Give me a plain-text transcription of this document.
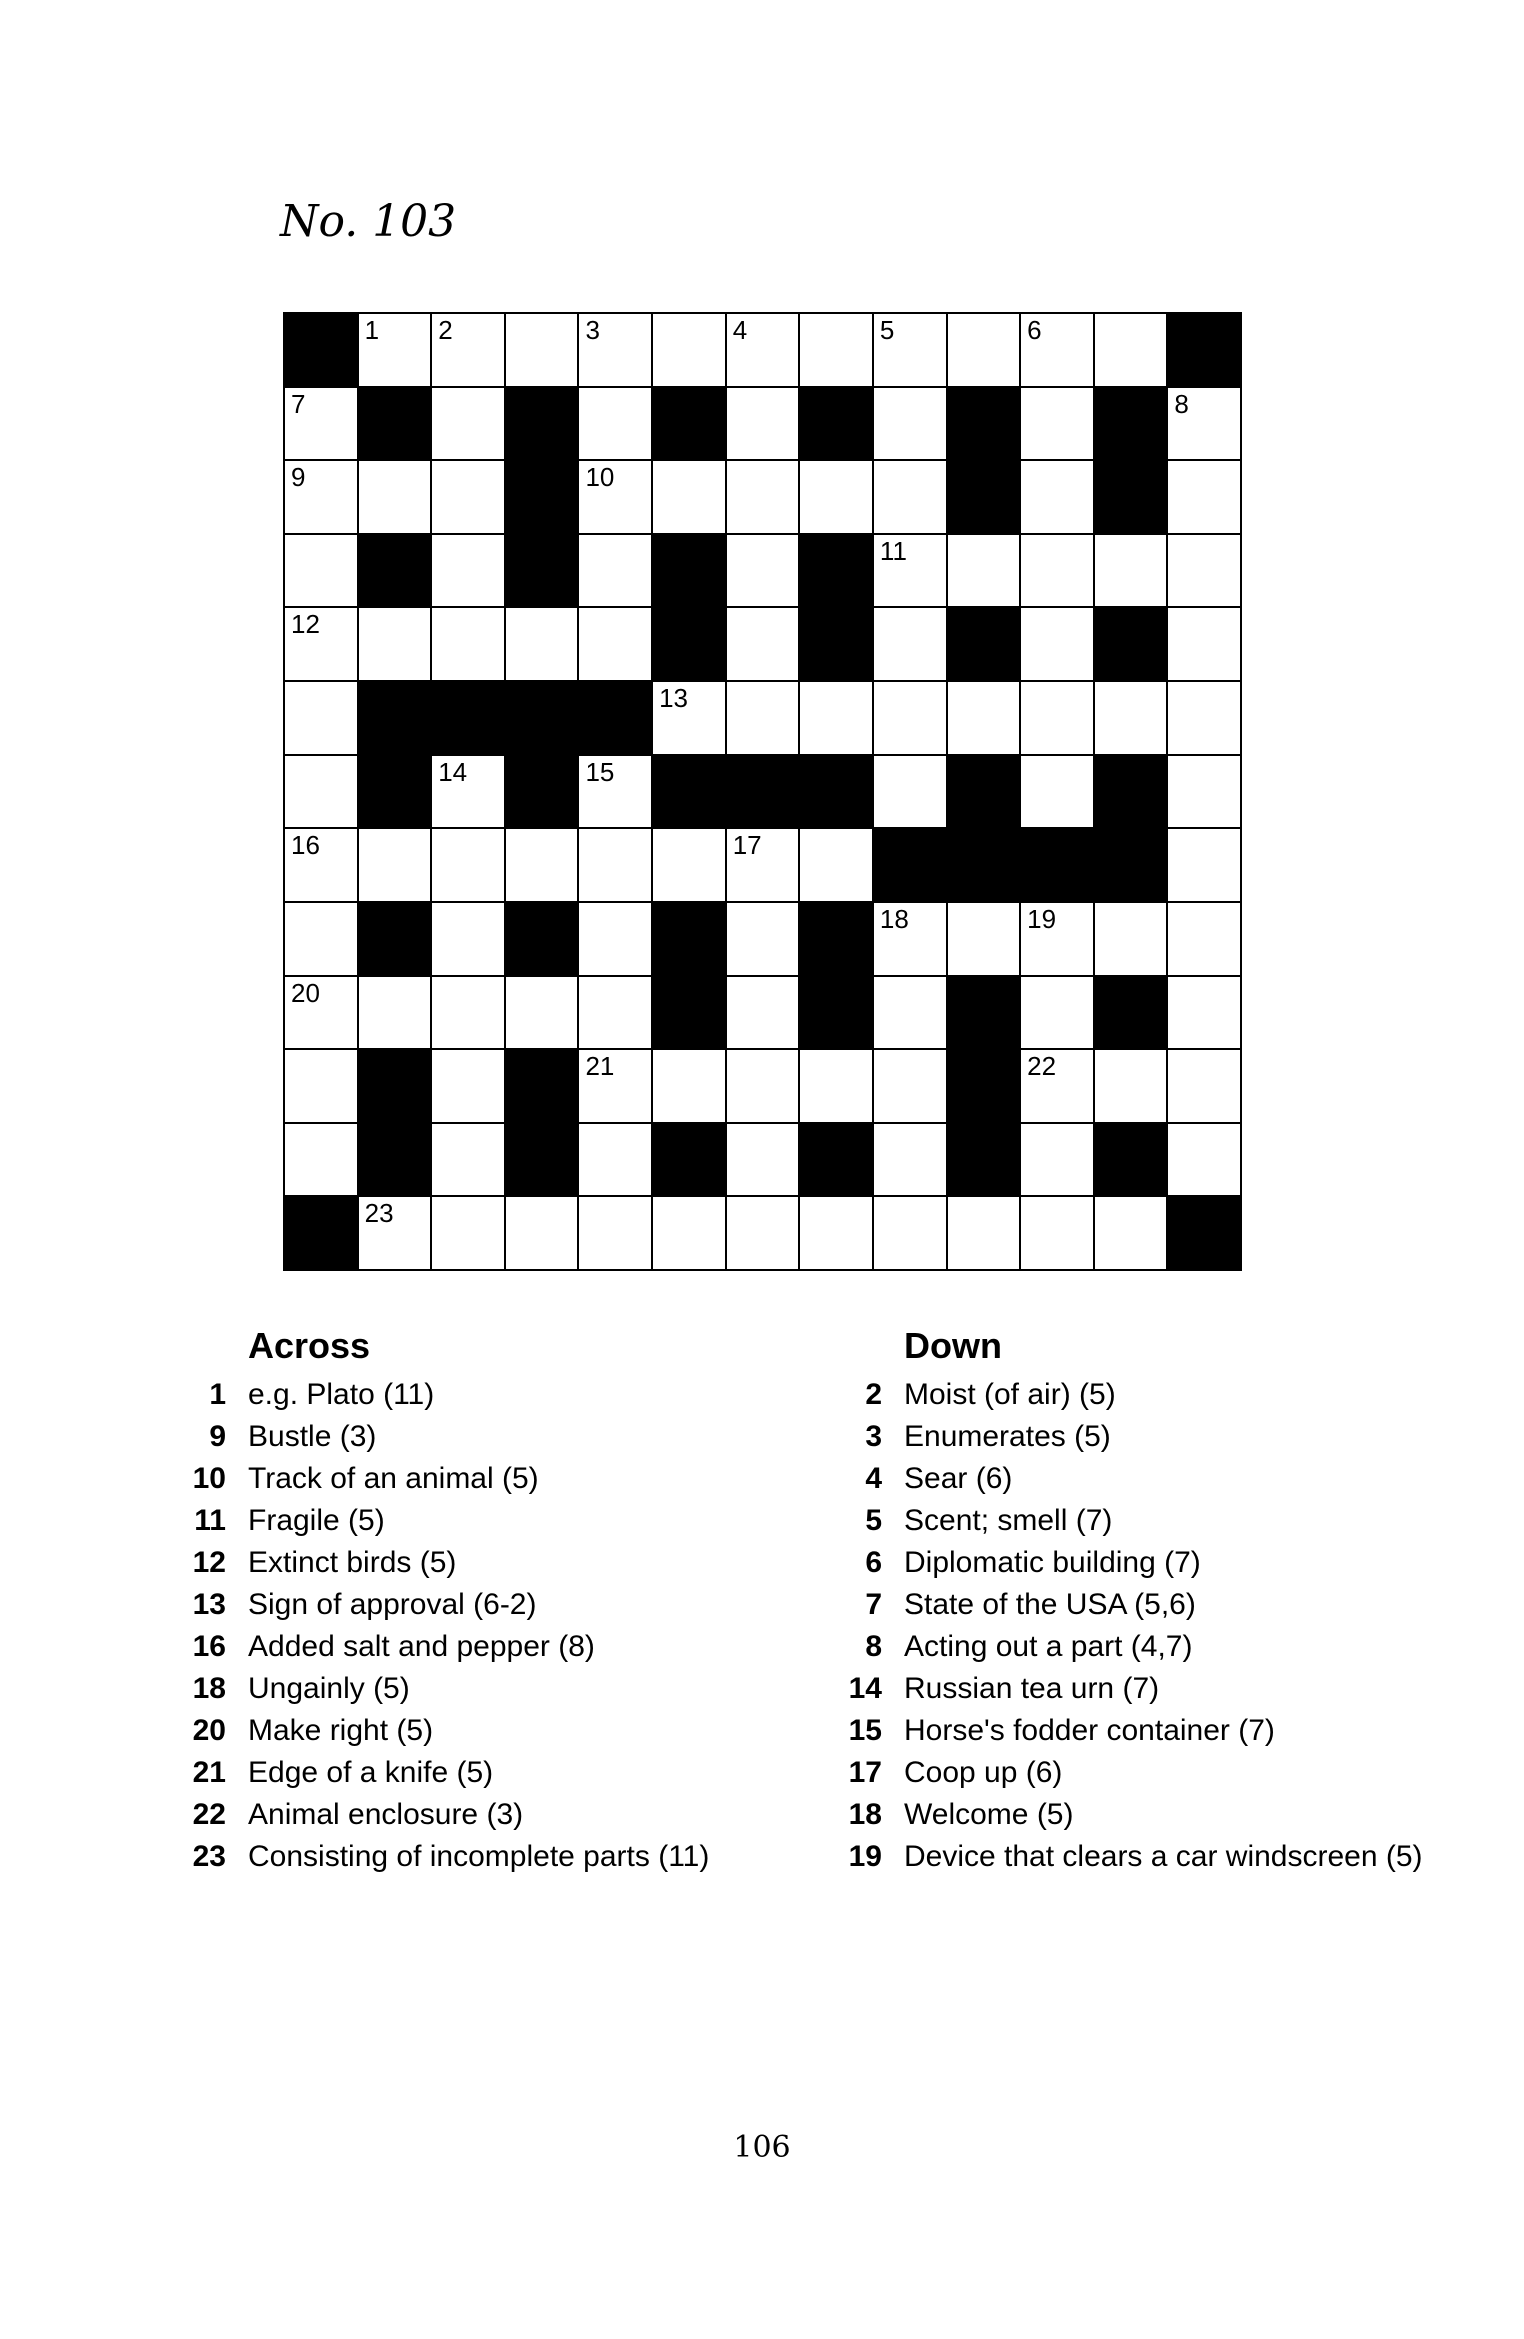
No. 103
1 2	3	4	5	6
7	8
9	10
11
12
13
14	15
16	17
18	19
20
21	22
23
Across
1 e.g. Plato (11)
9 Bustle (3)
10 Track of an animal (5)
11 Fragile (5)
12 Extinct birds (5)
13 Sign of approval (6-2)
16 Added salt and pepper (8)
18 Ungainly (5)
20 Make right (5)
21 Edge of a knife (5)
22 Animal enclosure (3)
23 Consisting of incomplete parts (11)
Down
2 Moist (of air) (5)
3 Enumerates (5)
4 Sear (6)
5 Scent; smell (7)
6 Diplomatic building (7)
7 State of the USA (5,6)
8 Acting out a part (4,7)
14 Russian tea urn (7)
15 Horse's fodder container (7)
17 Coop up (6)
18 Welcome (5)
19 Device that clears a car windscreen (5)
106
